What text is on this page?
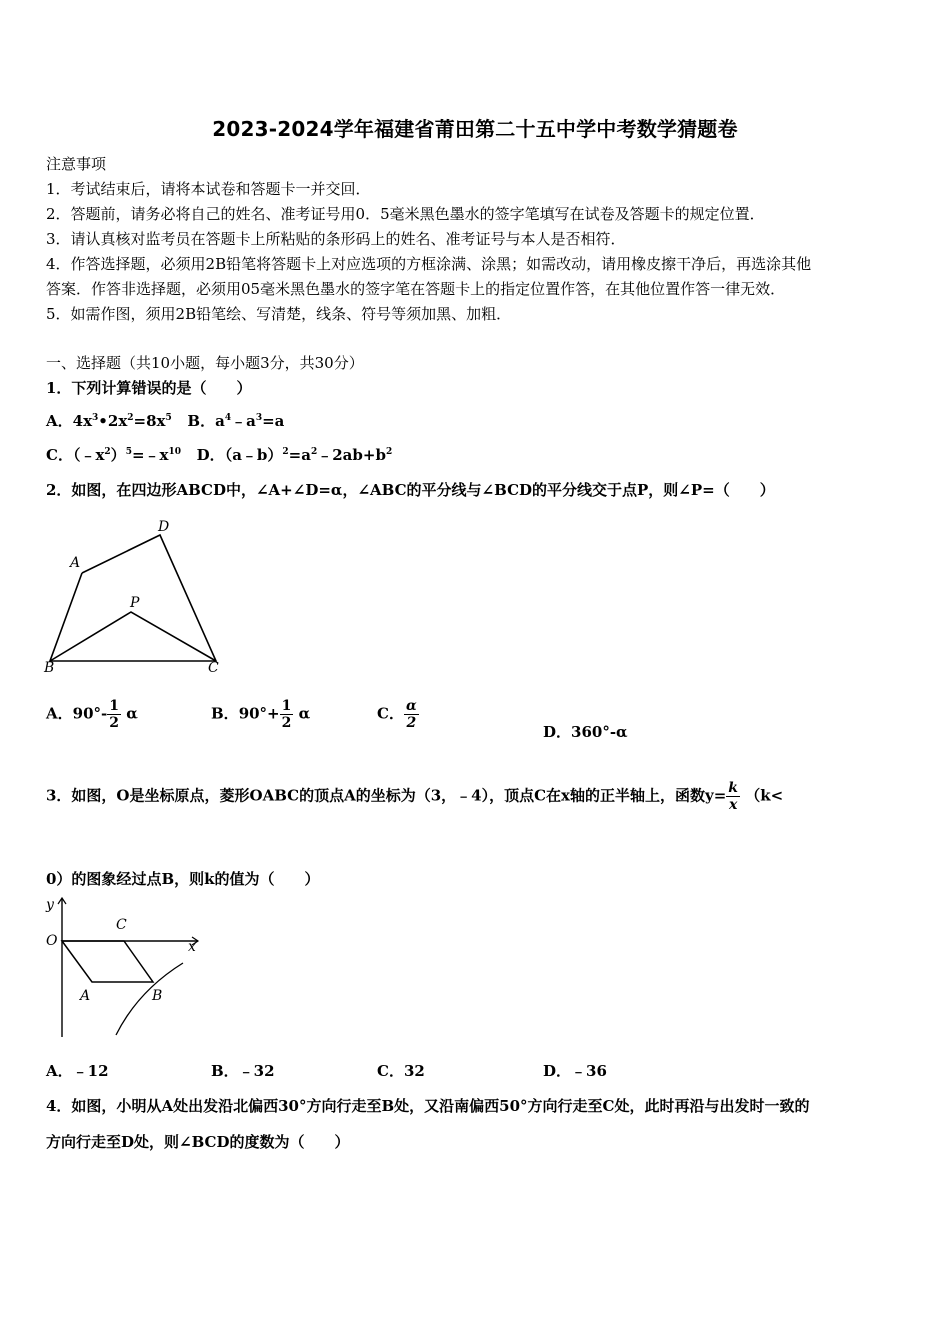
2023-2024学年福建省莆田第二十五中学中考数学猜题卷
注意事项
1．考试结束后，请将本试卷和答题卡一并交回．
2．答题前，请务必将自己的姓名、准考证号用0．5毫米黑色墨水的签字笔填写在试卷及答题卡的规定位置．
3．请认真核对监考员在答题卡上所粘贴的条形码上的姓名、准考证号与本人是否相符．
4．作答选择题，必须用2B铅笔将答题卡上对应选项的方框涂满、涂黑；如需改动，请用橡皮擦干净后，再选涂其他
答案．作答非选择题，必须用05毫米黑色墨水的签字笔在答题卡上的指定位置作答，在其他位置作答一律无效．
5．如需作图，须用2B铅笔绘、写清楚，线条、符号等须加黑、加粗．
一、选择题（共10小题，每小题3分，共30分）
1．下列计算错误的是（　　）
A．$4x^3•2x^2=8x^5$ B．$a^4﹣a^3=a$
C．$(﹣x^2)^5=﹣x^{10}$ D．$(a﹣b)^2=a^2﹣2ab+b^2$
2．如图，在四边形ABCD中，∠A+∠D=α，∠ABC的平分线与∠BCD的平分线交于点P，则∠P=（　　）
A
D
P
B	C
A．$90^\circ- \frac{1}{2}$ α	B．$90^\circ+ \frac{1}{2}$ α	C． $\frac{\alpha}{2}$
D．360°-α
3．如图，O是坐标原点，菱形OABC的顶点A的坐标为（3，﹣4），顶点C在x轴的正半轴上，函数$y= \frac{k}{x} (k<$
0）的图象经过点B，则k的值为（　　）
y
O
C
x
A	B
A．﹣12	B．﹣32	C．32	D．﹣36
4．如图，小明从A处出发沿北偏西30°方向行走至B处，又沿南偏西50°方向行走至C处，此时再沿与出发时一致的
方向行走至D处，则∠BCD的度数为（　　）
